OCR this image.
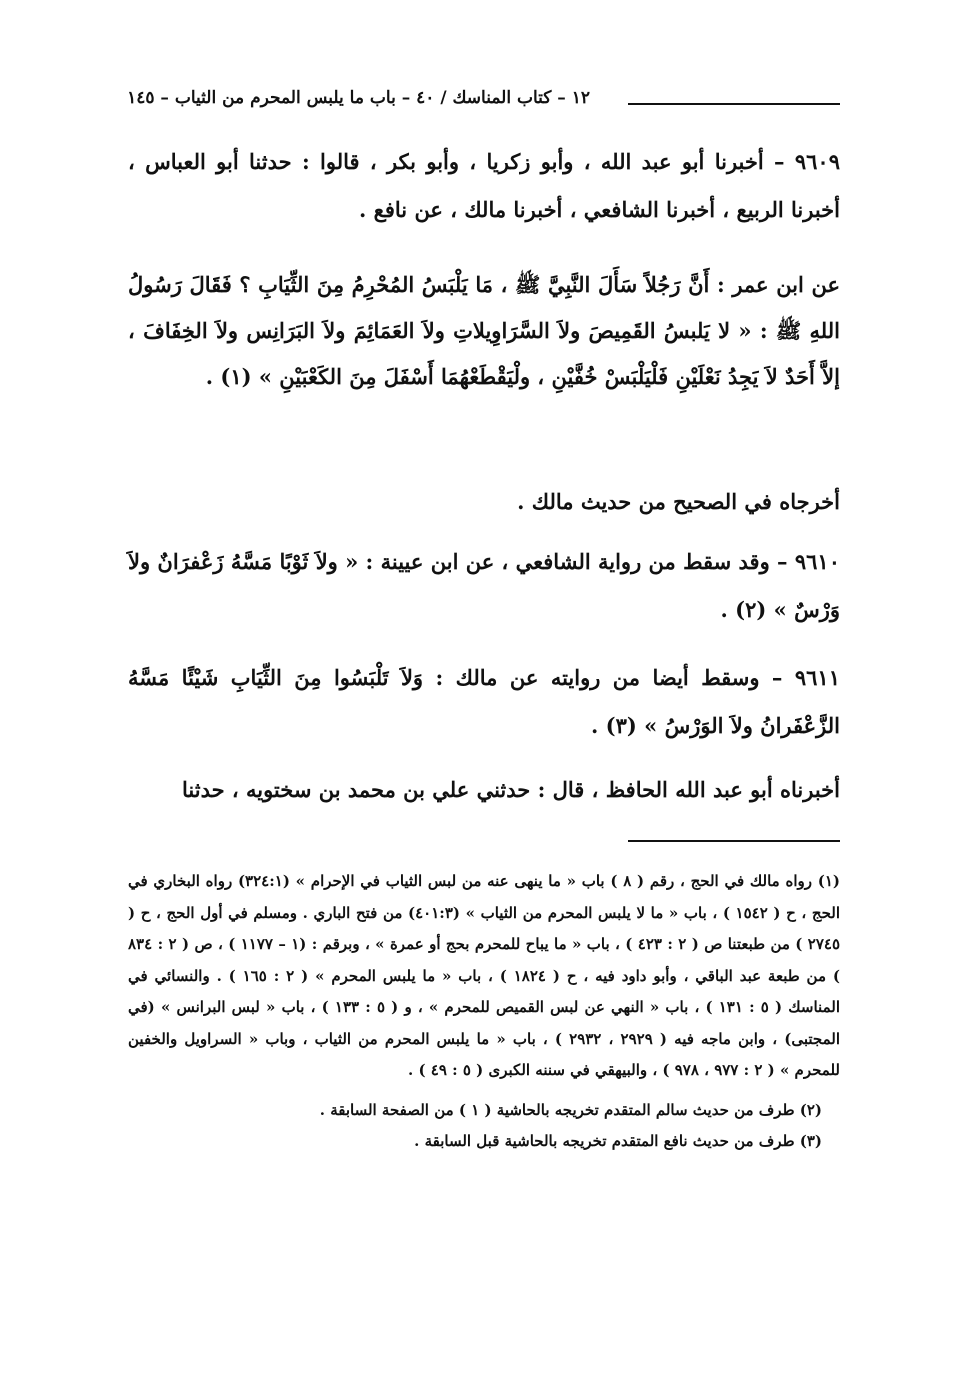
١٢ – كتاب المناسك / ٤٠ – باب ما يلبس المحرم من الثياب – ١٤٥

٩٦٠٩ – أخبرنا أبو عبد الله ، وأبو زكريا ، وأبو بكر ، قالوا : حدثنا أبو العباس ، أخبرنا الربيع ، أخبرنا الشافعي ، أخبرنا مالك ، عن نافع .

عن ابن عمر : أَنَّ رَجُلاً سَأَلَ النَّبِيَّ ﷺ ، مَا يَلْبَسُ المُحْرِمُ مِنَ الثِّيَابِ ؟ فَقَالَ رَسُولُ اللهِ ﷺ : « لا يَلبسُ القَمِيصَ ولاَ السَّرَاوِيلاتِ ولاَ العَمَائِمَ ولاَ البَرَانِس ولاَ الخِفَافَ ، إلاَّ أَحَدٌ لاَ يَجِدُ نَعْلَيْنِ فَلْيَلْبَسْ خُفَّيْنِ ، ولْيَقْطَعْهُمَا أَسْفَلَ مِنَ الكَعْبَيْنِ » (١) .

أخرجاه في الصحيح من حديث مالك .

٩٦١٠ – وقد سقط من رواية الشافعي ، عن ابن عيينة : « ولاَ ثَوْبًا مَسَّهُ زَعْفرَانٌ ولاَ وَرْسٌ » (٢) .

٩٦١١ – وسقط أيضا من روايته عن مالك : وَلاَ تَلْبَسُوا مِنَ الثِّيَابِ شَيْئًا مَسَّهُ الزَّعْفَرانُ ولاَ الوَرْسُ » (٣) .

أخبرناه أبو عبد الله الحافظ ، قال : حدثني علي بن محمد بن سختويه ، حدثنا

(١) رواه مالك في الحج ، رقم ( ٨ ) باب « ما ينهى عنه من لبس الثياب في الإحرام » (٣٢٤:١) رواه البخاري في الحج ، ح ( ١٥٤٢ ) ، باب « ما لا يلبس المحرم من الثياب » (٤٠١:٣) من فتح الباري . ومسلم في أول الحج ، ح ( ٢٧٤٥ ) من طبعتنا ص ( ٢ : ٤٢٣ ) ، باب « ما يباح للمحرم بحج أو عمرة » ، وبرقم : (١ – ١١٧٧ ) ، ص ( ٢ : ٨٣٤ ) من طبعة عبد الباقي ، وأبو داود فيه ، ح ( ١٨٢٤ ) ، باب « ما يلبس المحرم » ( ٢ : ١٦٥ ) . والنسائي في المناسك ( ٥ : ١٣١ ) ، باب « النهي عن لبس القميص للمحرم » ، و ( ٥ : ١٣٣ ) ، باب « لبس البرانس » (في المجتبى) ، وابن ماجه فيه ( ٢٩٢٩ ، ٢٩٣٢ ) ، باب « ما يلبس المحرم من الثياب ، وباب « السراويل والخفين للمحرم » ( ٢ : ٩٧٧ ، ٩٧٨ ) ، والبيهقي في سننه الكبرى ( ٥ : ٤٩ ) .

(٢) طرف من حديث سالم المتقدم تخريجه بالحاشية ( ١ ) من الصفحة السابقة .

(٣) طرف من حديث نافع المتقدم تخريجه بالحاشية قبل السابقة .
